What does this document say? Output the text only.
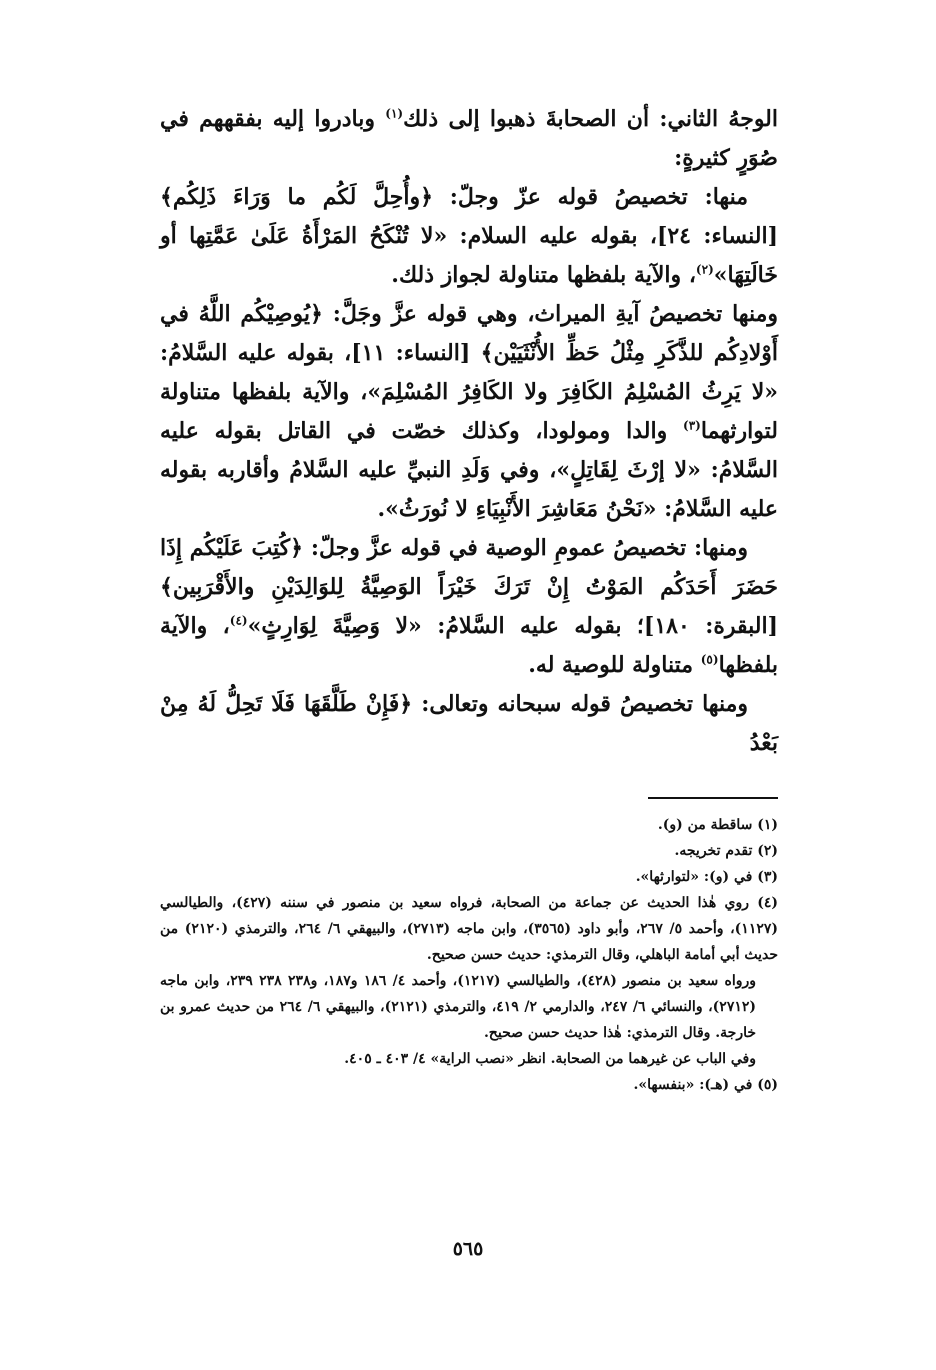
الوجهُ الثاني: أن الصحابةَ ذهبوا إلى ذلك$^{(١)}$ وبادروا إليه بفقههم في صُوَرٍ كثيرةٍ:

منها: تخصيصُ قوله عزّ وجلّ: ﴿وأُحِلَّ لَكُم ما وَرَاءَ ذَلِكُم﴾ [النساء: ٢٤]، بقوله عليه السلام: «لا تُنْكَحُ المَرْأَةُ عَلَىٰ عَمَّتِها أو خَالَتِهَا»$^{(٢)}$، والآية بلفظها متناولة لجواز ذلك.

ومنها تخصيصُ آيةِ الميراث، وهي قوله عزَّ وجَلَّ: ﴿يُوصِيْكُم اللَّهُ في أَوْلادِكُم للذَّكَرِ مِثْلُ حَظِّ الأُنْثَيَيْن﴾ [النساء: ١١]، بقوله عليه السَّلامُ: «لا يَرِثُ المُسْلِمُ الكَافِرَ ولا الكَافِرُ المُسْلِمَ»، والآية بلفظها متناولة لتوارثهما$^{(٣)}$ والدا ومولودا، وكذلك خصّت في القاتل بقوله عليه السَّلامُ: «لا إرْثَ لِقَاتِلٍ»، وفي وَلَدِ النبيِّ عليه السَّلامُ وأقاربه بقوله عليه السَّلامُ: «نَحْنُ مَعَاشِرَ الأَنْبِيَاءِ لا نُورَثُ».

ومنها: تخصيصُ عمومِ الوصية في قوله عزَّ وجلّ: ﴿كُتِبَ عَلَيْكُم إِذَا حَضَرَ أَحَدَكُم المَوْتُ إِنْ تَرَكَ خَيْرَاً الوَصِيَّةُ لِلوَالِدَيْنِ والأَقْرَبِين﴾ [البقرة: ١٨٠]؛ بقوله عليه السَّلامُ: «لا وَصِيَّةَ لِوَارِثٍ»$^{(٤)}$، والآية بلفظها$^{(٥)}$ متناولة للوصية له.

ومنها تخصيصُ قوله سبحانه وتعالى: ﴿فَإِنْ طَلَّقَهَا فَلَا تَحِلُّ لَهُ مِنْ بَعْدُ

(١) ساقطة من (و).

(٢) تقدم تخريجه.

(٣) في (و): «لتوارثها».

(٤) روي هٰذا الحديث عن جماعة من الصحابة، فرواه سعيد بن منصور في سننه (٤٢٧)، والطيالسي (١١٢٧)، وأحمد ٥/ ٢٦٧، وأبو داود (٣٥٦٥)، وابن ماجه (٢٧١٣)، والبيهقي ٦/ ٢٦٤، والترمذي (٢١٢٠) من حديث أبي أمامة الباهلي، وقال الترمذي: حديث حسن صحيح.

ورواه سعيد بن منصور (٤٢٨)، والطيالسي (١٢١٧)، وأحمد ٤/ ١٨٦ و١٨٧، و٢٣٨ ٢٣٨ ٢٣٩، وابن ماجه (٢٧١٢)، والنسائي ٦/ ٢٤٧، والدارمي ٢/ ٤١٩، والترمذي (٢١٢١)، والبيهقي ٦/ ٢٦٤ من حديث عمرو بن خارجة. وقال الترمذي: هٰذا حديث حسن صحيح.

وفي الباب عن غيرهما من الصحابة. انظر «نصب الراية» ٤/ ٤٠٣ ـ ٤٠٥.

(٥) في (هـ): «بنفسها».

٥٦٥
